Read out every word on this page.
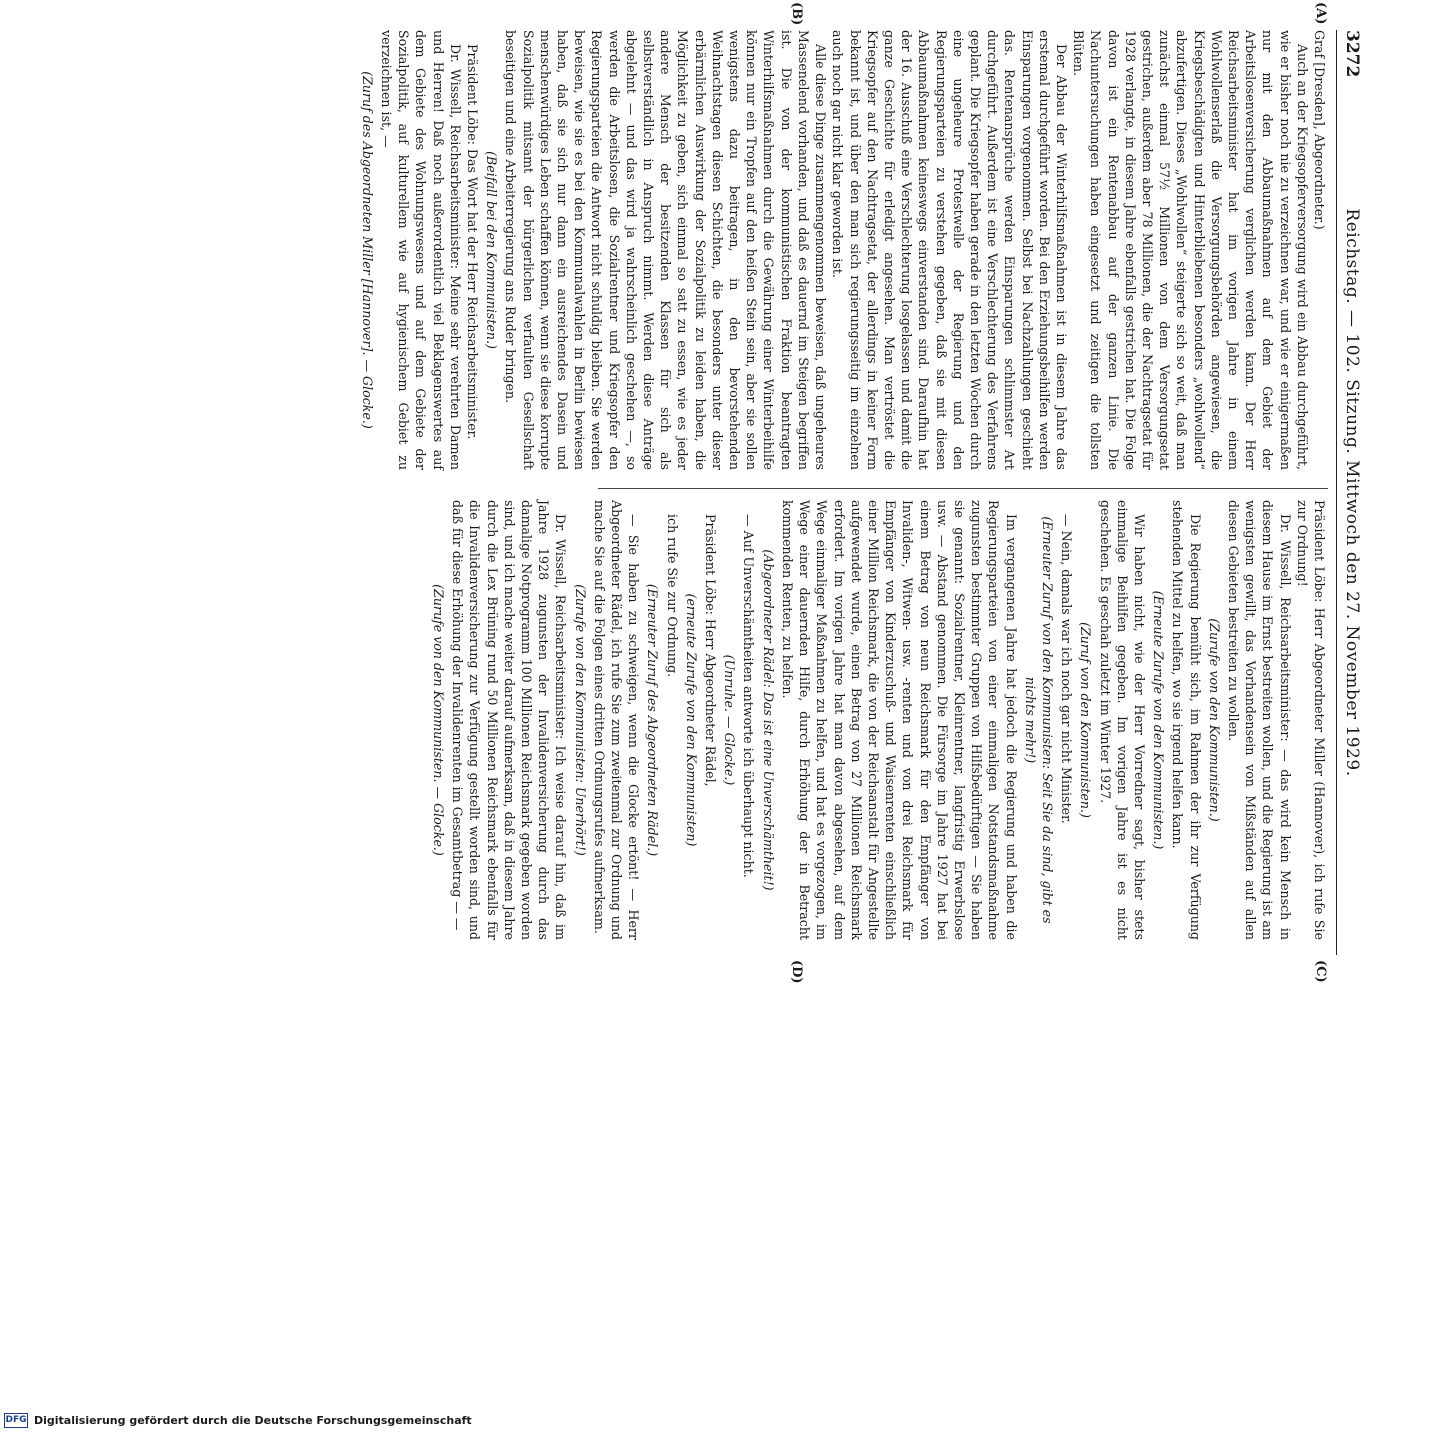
3272
Reichstag. — 102. Sitzung. Mittwoch den 27. November 1929.
(A)
(B)
(C)
(D)

Graf [Dresden], Abgeordneter.)

Auch an der Kriegsopferversorgung wird ein Abbau durchgeführt, wie er bisher noch nie zu verzeichnen war, und wie er einigermaßen nur mit den Abbaumaßnahmen auf dem Gebiet der Arbeitslosenversicherung verglichen werden kann. Der Herr Reichsarbeitsminister hat im vorigen Jahre in einem Wohlwollenserlaß die Versorgungsbehörden angewiesen, die Kriegsbeschädigten und Hinterbliebenen besonders „wohlwollend“ abzufertigen. Dieses „Wohlwollen“ steigerte sich so weit, daß man zunächst einmal 57½ Millionen von dem Versorgungsetat gestrichen, außerdem aber 78 Millionen, die der Nachtragsetat für 1928 verlangte, in diesem Jahre ebenfalls gestrichen hat. Die Folge davon ist ein Rentenabbau auf der ganzen Linie. Die Nachuntersuchungen haben eingesetzt und zeitigen die tollsten Blüten.

Der Abbau der Winterhilfsmaßnahmen ist in diesem Jahre das erstemal durchgeführt worden. Bei den Erziehungsbeihilfen werden Einsparungen vorgenommen. Selbst bei Nachzahlungen geschieht das. Rentenansprüche werden Einsparungen schlimmster Art durchgeführt. Außerdem ist eine Verschlechterung des Verfahrens geplant. Die Kriegsopfer haben gerade in den letzten Wochen durch eine ungeheure Protestwelle der Regierung und den Regierungsparteien zu verstehen gegeben, daß sie mit diesen Abbaumaßnahmen keineswegs einverstanden sind. Daraufhin hat der 16. Ausschuß eine Verschlechterung losgelassen und damit die ganze Geschichte für erledigt angesehen. Man vertröstet die Kriegsopfer auf den Nachtragsetat, der allerdings in keiner Form bekannt ist, und über den man sich regierungsseitig im einzelnen auch noch gar nicht klar geworden ist.

Alle diese Dinge zusammengenommen beweisen, daß ungeheures Massenelend vorhanden, und daß es dauernd im Steigen begriffen ist. Die von der kommunistischen Fraktion beantragten Winterhilfsmaßnahmen durch die Gewährung einer Winterbeihilfe können nur ein Tropfen auf den heißen Stein sein, aber sie sollen wenigstens dazu beitragen, in den bevorstehenden Weihnachtstagen diesen Schichten, die besonders unter dieser erbärmlichen Auswirkung der Sozialpolitik zu leiden haben, die Möglichkeit zu geben, sich einmal so satt zu essen, wie es jeder andere Mensch der besitzenden Klassen für sich als selbstverständlich in Anspruch nimmt. Werden diese Anträge abgelehnt — und das wird ja wahrscheinlich geschehen —, so werden die Arbeitslosen, die Sozialrentner und Kriegsopfer den Regierungsparteien die Antwort nicht schuldig bleiben. Sie werden beweisen, wie sie es bei den Kommunalwahlen in Berlin bewiesen haben, daß sie sich nur dann ein ausreichendes Dasein und menschenwürdiges Leben schaffen können, wenn sie diese korrupte Sozialpolitik mitsamt der bürgerlichen verfaulten Gesellschaft beseitigen und eine Arbeiterregierung ans Ruder bringen.

(Beifall bei den Kommunisten.)

Präsident Löbe: Das Wort hat der Herr Reichsarbeitsminister.

Dr. Wissell, Reichsarbeitsminister: Meine sehr verehrten Damen und Herren! Daß noch außerordentlich viel Beklagenswertes auf dem Gebiete des Wohnungswesens und auf dem Gebiete der Sozialpolitik, auf kulturellem wie auf hygienischem Gebiet zu verzeichnen ist, —

(Zuruf des Abgeordneten Miller [Hannover]. — Glocke.)

Präsident Löbe: Herr Abgeordneter Miller (Hannover), ich rufe Sie zur Ordnung!

Dr. Wissell, Reichsarbeitsminister: — das wird kein Mensch in diesem Hause im Ernst bestreiten wollen, und die Regierung ist am wenigsten gewillt, das Vorhandensein von Mißständen auf allen diesen Gebieten bestreiten zu wollen.

(Zurufe von den Kommunisten.)

Die Regierung bemüht sich, im Rahmen der ihr zur Verfügung stehenden Mittel zu helfen, wo sie irgend helfen kann.

(Erneute Zurufe von den Kommunisten.)

Wir haben nicht, wie der Herr Vorredner sagt, bisher stets einmalige Beihilfen gegeben. Im vorigen Jahre ist es nicht geschehen. Es geschah zuletzt im Winter 1927.

(Zuruf von den Kommunisten.)

— Nein, damals war ich noch gar nicht Minister.

(Erneuter Zuruf von den Kommunisten: Seit Sie da sind, gibt es nichts mehr!)

Im vergangenen Jahre hat jedoch die Regierung und haben die Regierungsparteien von einer einmaligen Notstandsmaßnahme zugunsten bestimmter Gruppen von Hilfsbedürftigen — Sie haben sie genannt: Sozialrentner, Kleinrentner, langfristig Erwerbslose usw. — Abstand genommen. Die Fürsorge im Jahre 1927 hat bei einem Betrag von neun Reichsmark für den Empfänger von Invaliden-, Witwen- usw. -renten und von drei Reichsmark für Empfänger von Kinderzuschuß- und Waisenrenten einschließlich einer Million Reichsmark, die von der Reichsanstalt für Angestellte aufgewendet wurde, einen Betrag von 27 Millionen Reichsmark erfordert. Im vorigen Jahre hat man davon abgesehen, auf dem Wege einmaliger Maßnahmen zu helfen, und hat es vorgezogen, im Wege einer dauernden Hilfe, durch Erhöhung der in Betracht kommenden Renten, zu helfen.

(Abgeordneter Rädel: Das ist eine Unverschämtheit!)

— Auf Unverschämtheiten antworte ich überhaupt nicht.

(Unruhe. — Glocke.)

Präsident Löbe: Herr Abgeordneter Rädel,

(erneute Zurufe von den Kommunisten)

ich rufe Sie zur Ordnung.

(Erneuter Zuruf des Abgeordneten Rädel.)

— Sie haben zu schweigen, wenn die Glocke ertönt! — Herr Abgeordneter Rädel, ich rufe Sie zum zweitenmal zur Ordnung und mache Sie auf die Folgen eines dritten Ordnungsrufes aufmerksam.

(Zurufe von den Kommunisten: Unerhört!)

Dr. Wissell, Reichsarbeitsminister: Ich weise darauf hin, daß im Jahre 1928 zugunsten der Invalidenversicherung durch das damalige Notprogramm 100 Millionen Reichsmark gegeben worden sind, und ich mache weiter darauf aufmerksam, daß in diesem Jahre durch die Lex Brüning rund 50 Millionen Reichsmark ebenfalls für die Invalidenversicherung zur Verfügung gestellt worden sind, und daß für diese Erhöhung der Invalidenrenten im Gesamtbetrag — —

(Zurufe von den Kommunisten. — Glocke.)

DFG Digitalisierung gefördert durch die Deutsche Forschungsgemeinschaft
